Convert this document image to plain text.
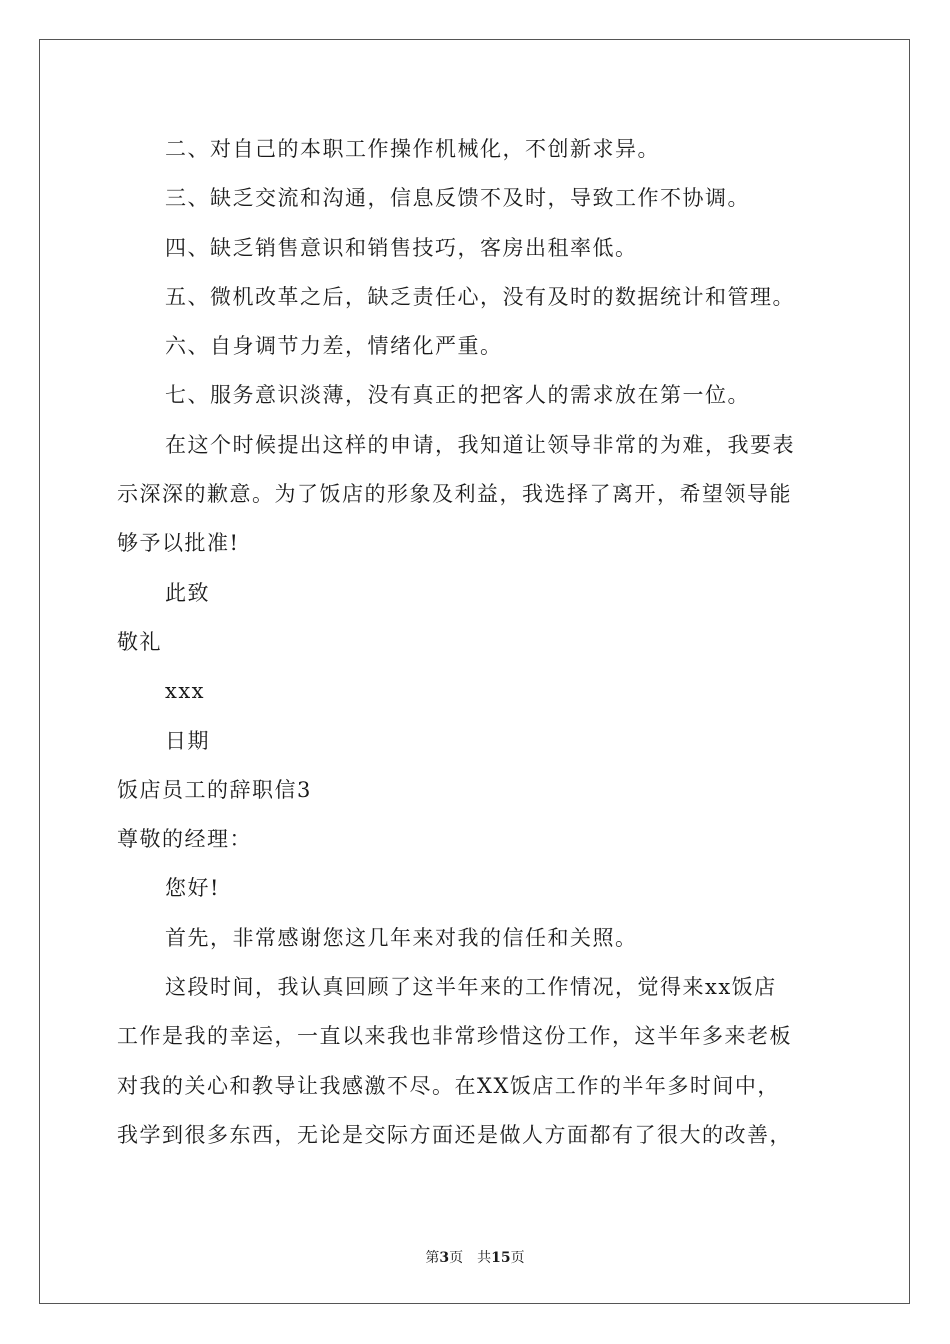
二、对自己的本职工作操作机械化，不创新求异。
三、缺乏交流和沟通，信息反馈不及时，导致工作不协调。
四、缺乏销售意识和销售技巧，客房出租率低。
五、微机改革之后，缺乏责任心，没有及时的数据统计和管理。
六、自身调节力差，情绪化严重。
七、服务意识淡薄，没有真正的把客人的需求放在第一位。
在这个时候提出这样的申请，我知道让领导非常的为难，我要表
示深深的歉意。为了饭店的形象及利益，我选择了离开，希望领导能
够予以批准!
此致
敬礼
xxx
日期
饭店员工的辞职信3
尊敬的经理：
您好!
首先，非常感谢您这几年来对我的信任和关照。
这段时间，我认真回顾了这半年来的工作情况，觉得来xx饭店
工作是我的幸运，一直以来我也非常珍惜这份工作，这半年多来老板
对我的关心和教导让我感激不尽。在XX饭店工作的半年多时间中，
我学到很多东西，无论是交际方面还是做人方面都有了很大的改善，
第3页 共15页
